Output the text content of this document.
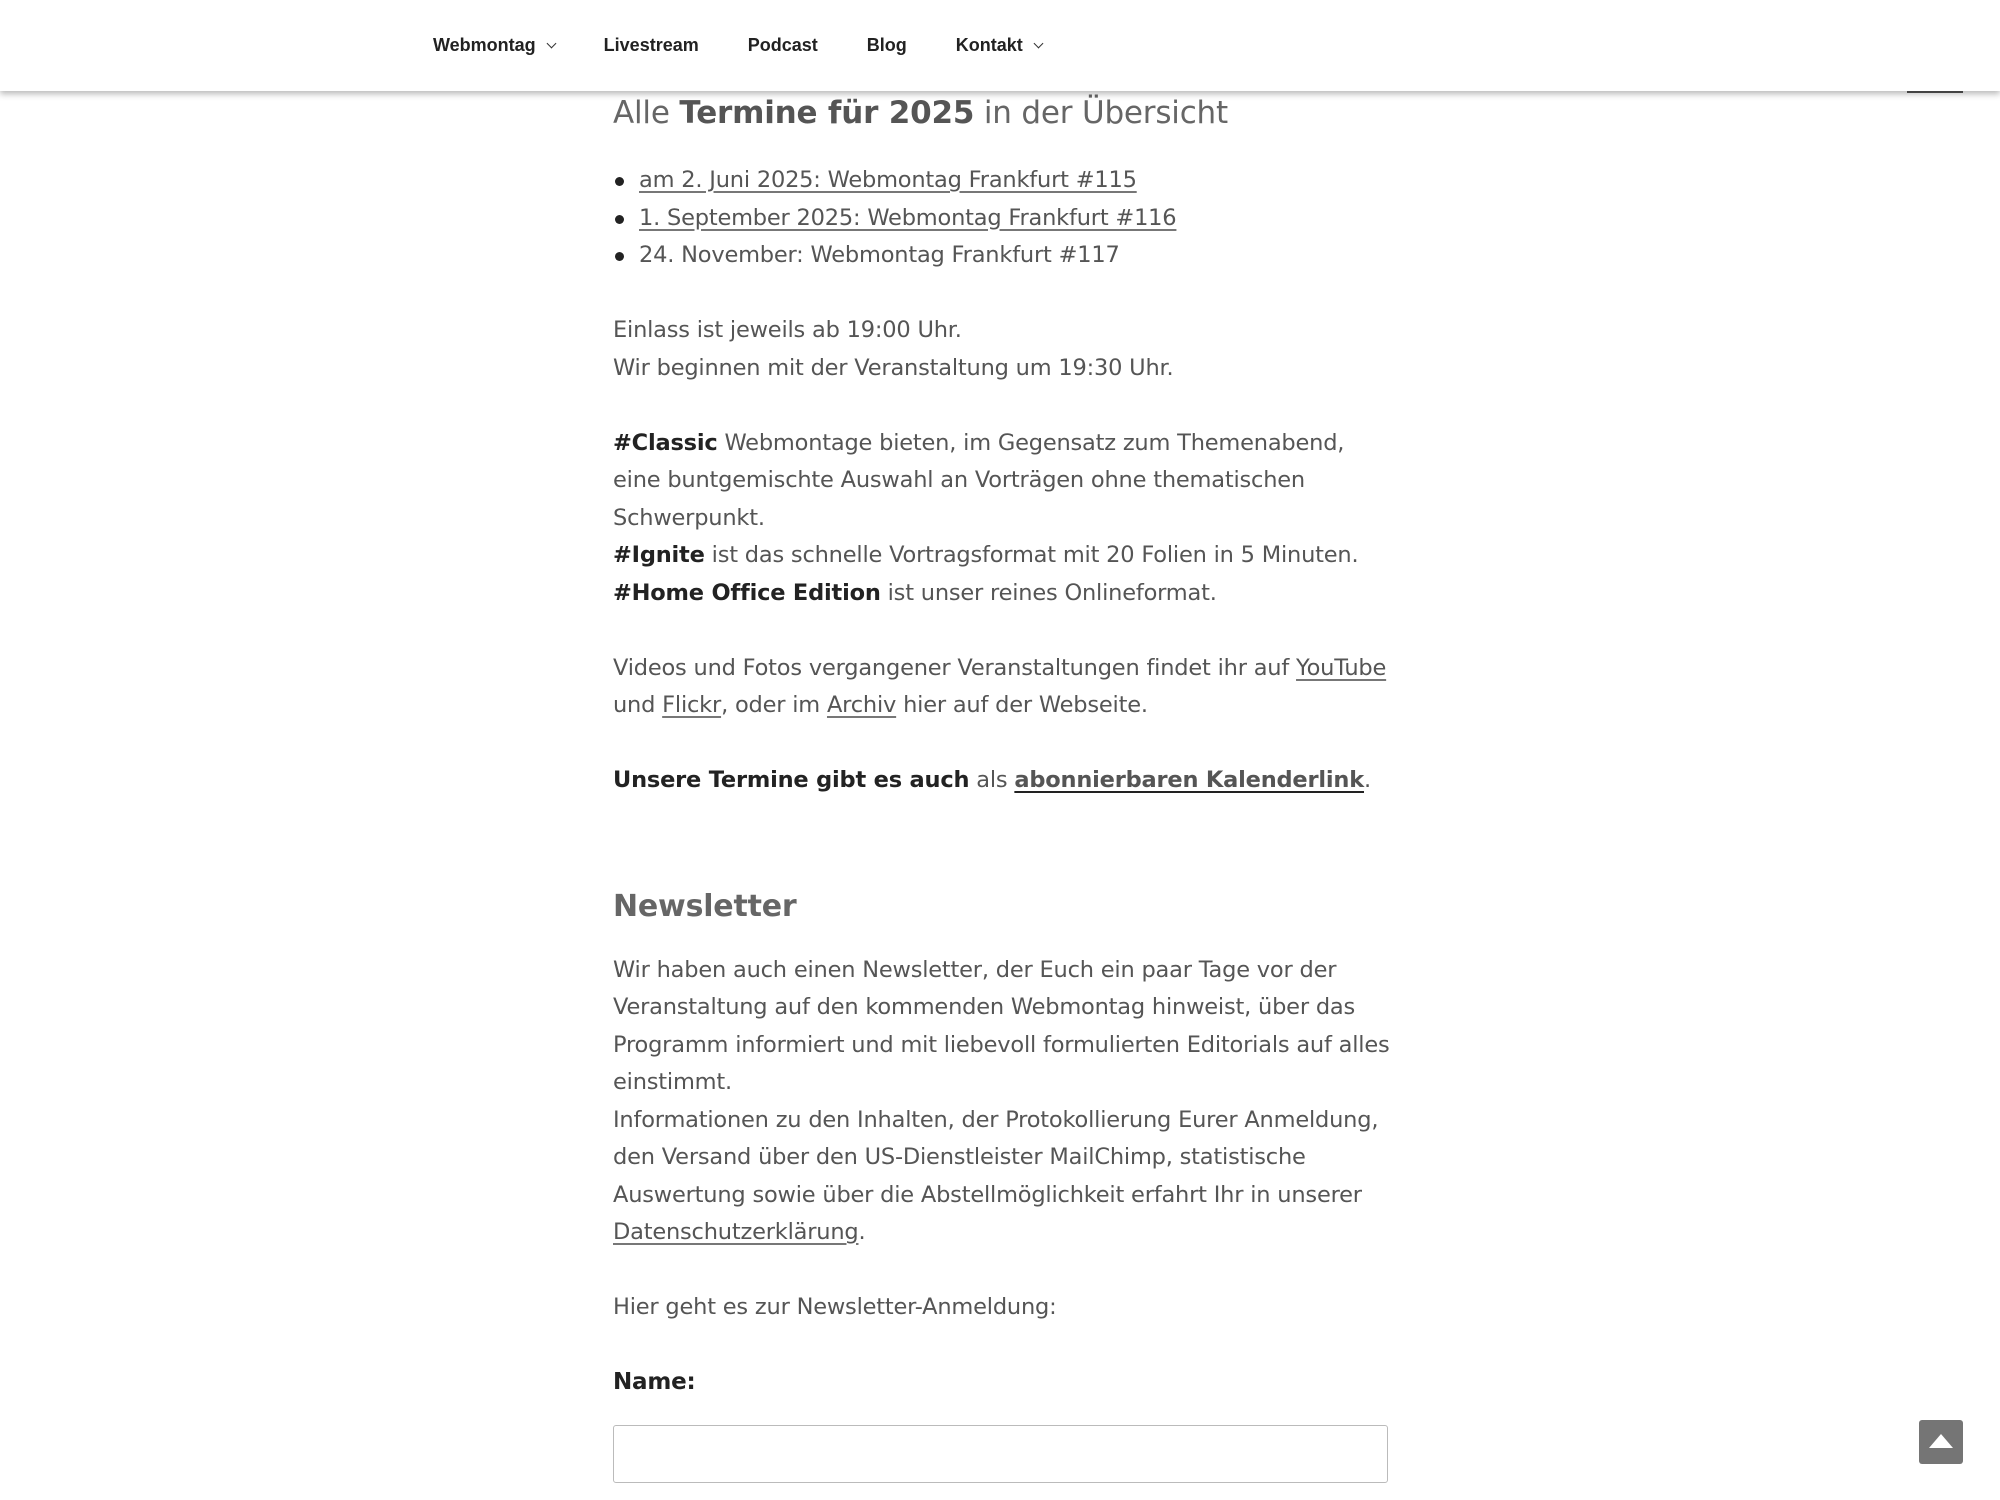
Webmontag	Livestream	Podcast	Blog	Kontakt
Alle Termine für 2025 in der Übersicht
am 2. Juni 2025: Webmontag Frankfurt #115
1. September 2025: Webmontag Frankfurt #116
24. November: Webmontag Frankfurt #117

Einlass ist jeweils ab 19:00 Uhr.

Wir beginnen mit der Veranstaltung um 19:30 Uhr.

#Classic Webmontage bieten, im Gegensatz zum Themenabend, eine buntgemischte Auswahl an Vorträgen ohne thematischen Schwerpunkt.

#Ignite ist das schnelle Vortragsformat mit 20 Folien in 5 Minuten.

#Home Office Edition ist unser reines Onlineformat.

Videos und Fotos vergangener Veranstaltungen findet ihr auf YouTube und Flickr, oder im Archiv hier auf der Webseite.

Unsere Termine gibt es auch als abonnierbaren Kalenderlink.

Newsletter

Wir haben auch einen Newsletter, der Euch ein paar Tage vor der Veranstaltung auf den kommenden Webmontag hinweist, über das Programm informiert und mit liebevoll formulierten Editorials auf alles einstimmt.

Informationen zu den Inhalten, der Protokollierung Eurer Anmeldung, den Versand über den US-Dienstleister MailChimp, statistische Auswertung sowie über die Abstellmöglichkeit erfahrt Ihr in unserer Datenschutzerklärung.

Hier geht es zur Newsletter-Anmeldung:

Name:
